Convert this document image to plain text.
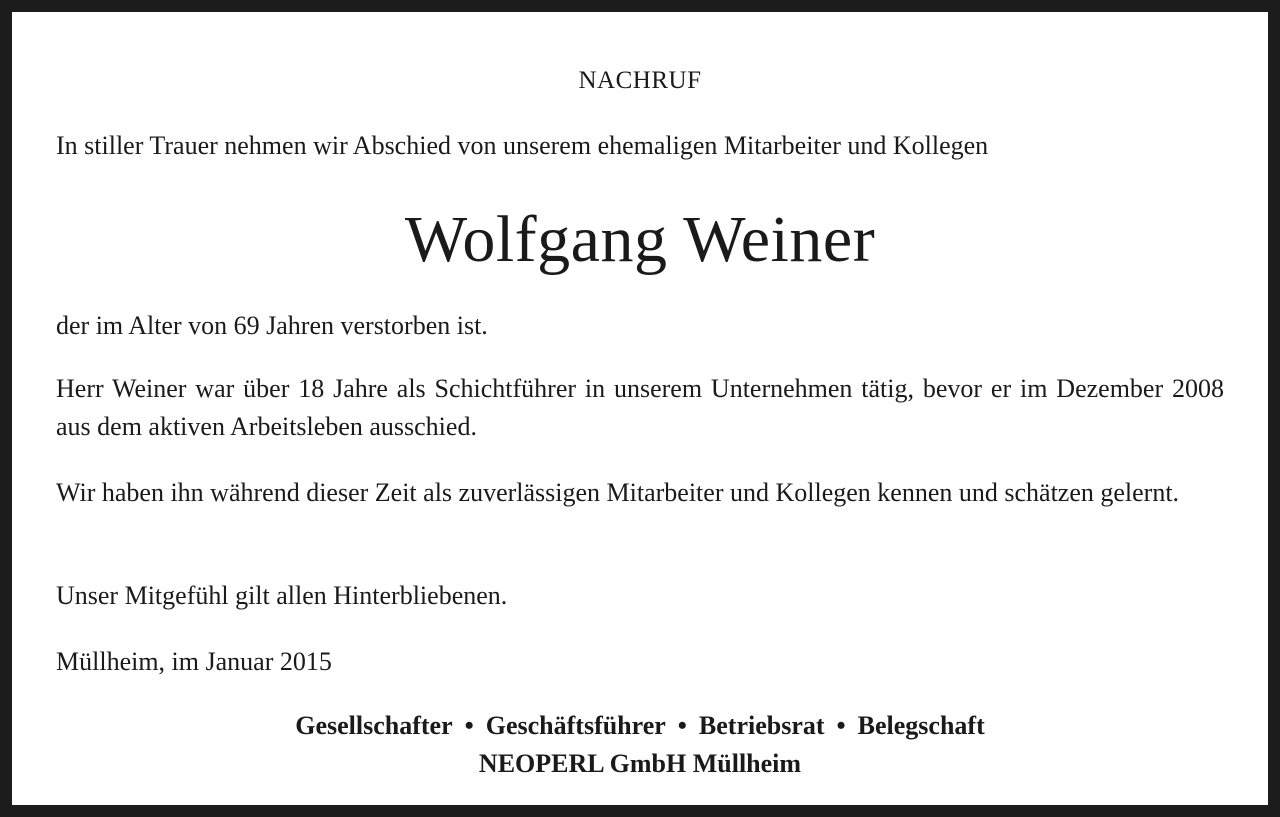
NACHRUF
In stiller Trauer nehmen wir Abschied von unserem ehemaligen Mitarbeiter und Kollegen
Wolfgang Weiner
der im Alter von 69 Jahren verstorben ist.
Herr Weiner war über 18 Jahre als Schichtführer in unserem Unternehmen tätig, bevor er im Dezember 2008 aus dem aktiven Arbeitsleben ausschied.
Wir haben ihn während dieser Zeit als zuverlässigen Mitarbeiter und Kollegen kennen und schätzen gelernt.
Unser Mitgefühl gilt allen Hinterbliebenen.
Müllheim, im Januar 2015
Gesellschafter • Geschäftsführer • Betriebsrat • Belegschaft
NEOPERL GmbH Müllheim
